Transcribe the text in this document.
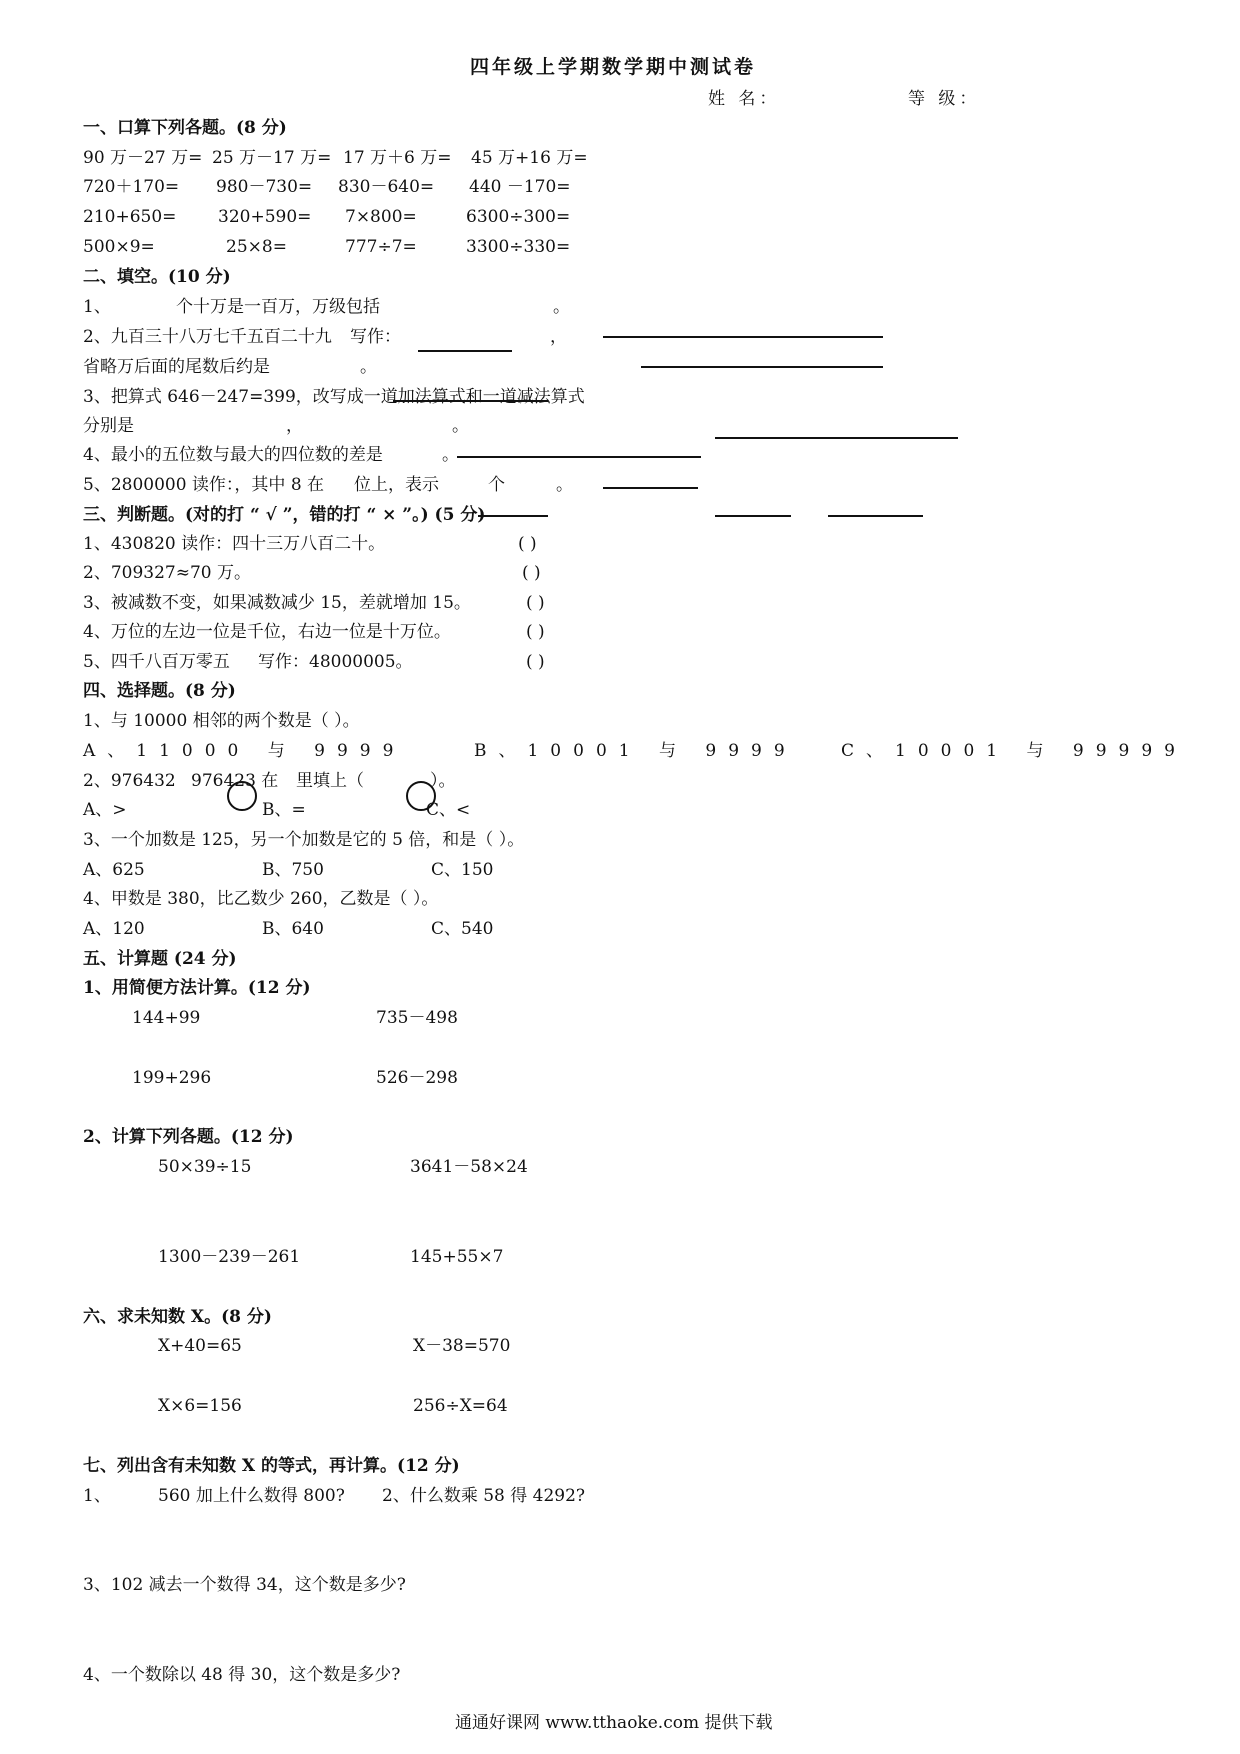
四年级上学期数学期中测试卷
姓 名：	等 级：
一、口算下列各题。(8 分)
90 万－27 万= 25 万－17 万= 17 万＋6 万= 45 万+16 万=
720＋170= 980－730= 830－640= 440 －170=
210+650= 320+590= 7×800=	6300÷300=
500×9=	25×8=	777÷7=	3300÷330=
二、填空。(10 分)
1、	个十万是一百万，万级包括	。
2、九百三十八万七千五百二十九 写作：	，
省略万后面的尾数后约是	。
3、把算式 646－247=399，改写成一道加法算式和一道减法算式
分别是	，	。
4、最小的五位数与最大的四位数的差是	。
5、2800000 读作：，其中 8 在 位上，表示	个	。
三、判断题。(对的打 “ √ ”，错的打 “ × ”。) (5 分)
1、430820 读作：四十三万八百二十。	( )
2、709327≈70 万。	( )
3、被减数不变，如果减数减少 15，差就增加 15。	( )
4、万位的左边一位是千位，右边一位是十万位。	( )
5、四千八百万零五 写作：48000005。	( )
四、选择题。(8 分)
1、与 10000 相邻的两个数是（ ）。
A、11000 与 9999	B、10001 与 9999	C、10001 与 99999
2、976432 976423 在 里填上（	）。
A、>	B、=	C、<
3、一个加数是 125，另一个加数是它的 5 倍，和是（ ）。
A、625	B、750	C、150
4、甲数是 380，比乙数少 260，乙数是（ ）。
A、120	B、640	C、540
五、计算题 (24 分)
1、用简便方法计算。(12 分)
144+99	735－498
199+296	526－298
2、计算下列各题。(12 分)
50×39÷15	3641－58×24
1300－239－261	145+55×7
六、求未知数 X。(8 分)
X+40=65	X－38=570
X×6=156	256÷X=64
七、列出含有未知数 X 的等式，再计算。(12 分)
1、	560 加上什么数得 800? 2、什么数乘 58 得 4292?
3、102 减去一个数得 34，这个数是多少?
4、一个数除以 48 得 30，这个数是多少?
通通好课网 www.tthaoke.com 提供下载
